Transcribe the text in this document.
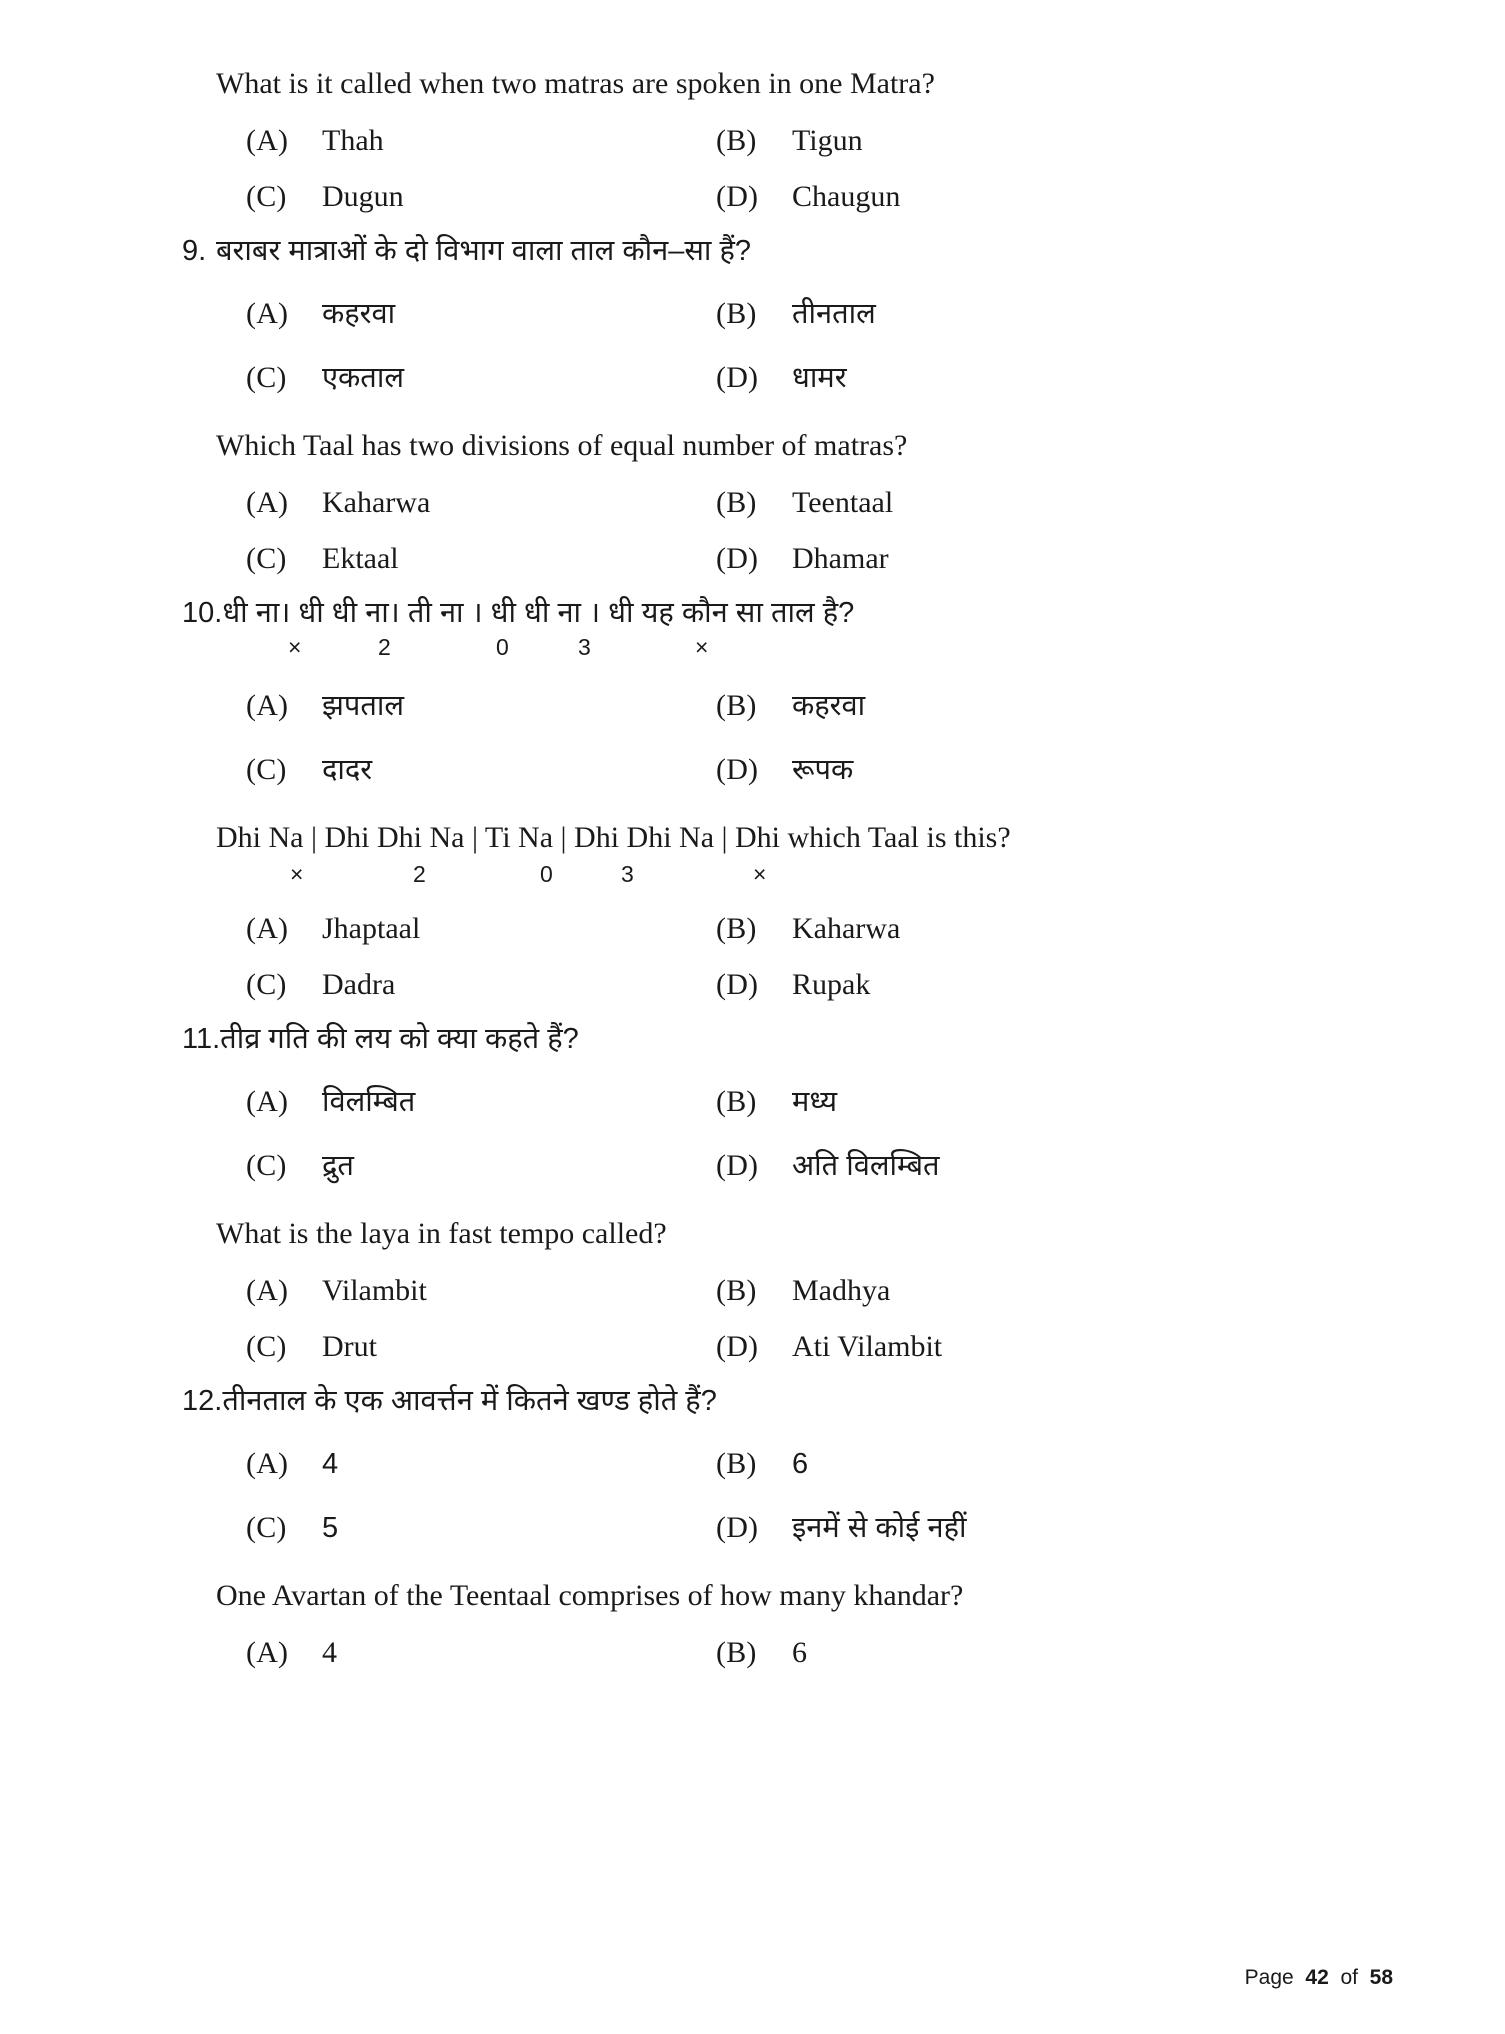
What is it called when two matras are spoken in one Matra?
(A)	Thah	(B)	Tigun
(C)	Dugun	(D)	Chaugun
9. बराबर मात्राओं के दो विभाग वाला ताल कौन–सा हैं?
(A)	कहरवा	(B)	तीनताल
(C)	एकताल	(D)	धामर
Which Taal has two divisions of equal number of matras?
(A)	Kaharwa	(B)	Teentaal
(C)	Ektaal	(D)	Dhamar
10. धी ना। धी धी ना। ती ना । धी धी ना । धी यह कौन सा ताल है?
×	2	0	3	×
(A)	झपताल	(B)	कहरवा
(C)	दादर	(D)	रूपक
Dhi Na | Dhi Dhi Na | Ti Na | Dhi Dhi Na | Dhi which Taal is this?
×	2	0	3	×
(A)	Jhaptaal	(B)	Kaharwa
(C)	Dadra	(D)	Rupak
11. तीव्र गति की लय को क्या कहते हैं?
(A)	विलम्बित	(B)	मध्य
(C)	द्रुत	(D)	अति विलम्बित
What is the laya in fast tempo called?
(A)	Vilambit	(B)	Madhya
(C)	Drut	(D)	Ati Vilambit
12. तीनताल के एक आवर्त्तन में कितने खण्ड होते हैं?
(A)	4	(B)	6
(C)	5	(D)	इनमें से कोई नहीं
One Avartan of the Teentaal comprises of how many khandar?
(A)	4	(B)	6
Page 42 of 58
